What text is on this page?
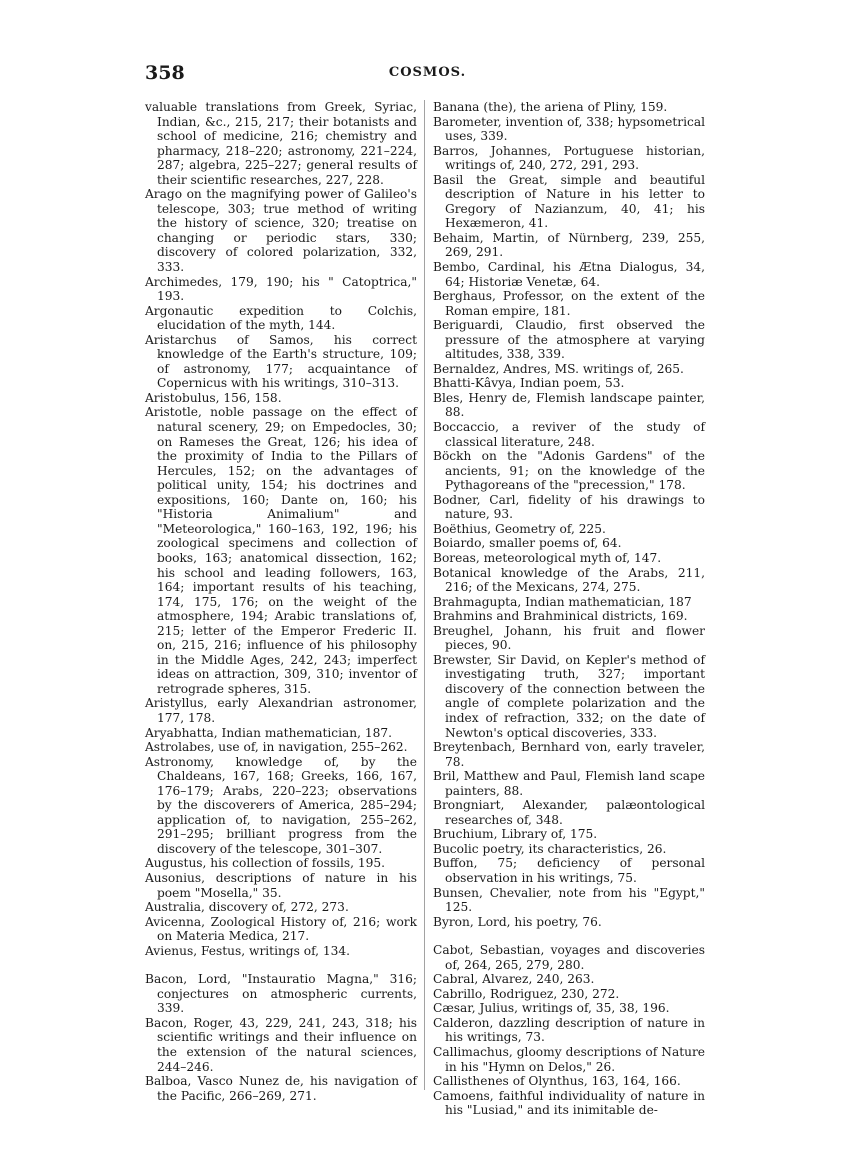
358	COSMOS.

valuable translations from Greek, Syriac, Indian, &c., 215, 217; their botanists and school of medicine, 216; chemistry and pharmacy, 218–220; astronomy, 221–224, 287; algebra, 225–227; general results of their scientific researches, 227, 228.

Arago on the magnifying power of Galileo's telescope, 303; true method of writing the history of science, 320; treatise on changing or periodic stars, 330; discovery of colored polarization, 332, 333.

Archimedes, 179, 190; his " Catoptrica," 193.

Argonautic expedition to Colchis, elucidation of the myth, 144.

Aristarchus of Samos, his correct knowledge of the Earth's structure, 109; of astronomy, 177; acquaintance of Copernicus with his writings, 310–313.

Aristobulus, 156, 158.

Aristotle, noble passage on the effect of natural scenery, 29; on Empedocles, 30; on Rameses the Great, 126; his idea of the proximity of India to the Pillars of Hercules, 152; on the advantages of political unity, 154; his doctrines and expositions, 160; Dante on, 160; his "Historia Animalium" and "Meteorologica," 160–163, 192, 196; his zoological specimens and collection of books, 163; anatomical dissection, 162; his school and leading followers, 163, 164; important results of his teaching, 174, 175, 176; on the weight of the atmosphere, 194; Arabic translations of, 215; letter of the Emperor Frederic II. on, 215, 216; influence of his philosophy in the Middle Ages, 242, 243; imperfect ideas on attraction, 309, 310; inventor of retrograde spheres, 315.

Aristyllus, early Alexandrian astronomer, 177, 178.

Aryabhatta, Indian mathematician, 187.

Astrolabes, use of, in navigation, 255–262.

Astronomy, knowledge of, by the Chaldeans, 167, 168; Greeks, 166, 167, 176–179; Arabs, 220–223; observations by the discoverers of America, 285–294; application of, to navigation, 255–262, 291–295; brilliant progress from the discovery of the telescope, 301–307.

Augustus, his collection of fossils, 195.

Ausonius, descriptions of nature in his poem "Mosella," 35.

Australia, discovery of, 272, 273.

Avicenna, Zoological History of, 216; work on Materia Medica, 217.

Avienus, Festus, writings of, 134.

Bacon, Lord, "Instauratio Magna," 316; conjectures on atmospheric currents, 339.

Bacon, Roger, 43, 229, 241, 243, 318; his scientific writings and their influence on the extension of the natural sciences, 244–246.

Balboa, Vasco Nunez de, his navigation of the Pacific, 266–269, 271.

Banana (the), the ariena of Pliny, 159.

Barometer, invention of, 338; hypsometrical uses, 339.

Barros, Johannes, Portuguese historian, writings of, 240, 272, 291, 293.

Basil the Great, simple and beautiful description of Nature in his letter to Gregory of Nazianzum, 40, 41; his Hexæmeron, 41.

Behaim, Martin, of Nürnberg, 239, 255, 269, 291.

Bembo, Cardinal, his Ætna Dialogus, 34, 64; Historiæ Venetæ, 64.

Berghaus, Professor, on the extent of the Roman empire, 181.

Beriguardi, Claudio, first observed the pressure of the atmosphere at varying altitudes, 338, 339.

Bernaldez, Andres, MS. writings of, 265.

Bhatti-Kâvya, Indian poem, 53.

Bles, Henry de, Flemish landscape painter, 88.

Boccaccio, a reviver of the study of classical literature, 248.

Böckh on the "Adonis Gardens" of the ancients, 91; on the knowledge of the Pythagoreans of the "precession," 178.

Bodner, Carl, fidelity of his drawings to nature, 93.

Boëthius, Geometry of, 225.

Boiardo, smaller poems of, 64.

Boreas, meteorological myth of, 147.

Botanical knowledge of the Arabs, 211, 216; of the Mexicans, 274, 275.

Brahmagupta, Indian mathematician, 187

Brahmins and Brahminical districts, 169.

Breughel, Johann, his fruit and flower pieces, 90.

Brewster, Sir David, on Kepler's method of investigating truth, 327; important discovery of the connection between the angle of complete polarization and the index of refraction, 332; on the date of Newton's optical discoveries, 333.

Breytenbach, Bernhard von, early traveler, 78.

Bril, Matthew and Paul, Flemish land scape painters, 88.

Brongniart, Alexander, palæontological researches of, 348.

Bruchium, Library of, 175.

Bucolic poetry, its characteristics, 26.

Buffon, 75; deficiency of personal observation in his writings, 75.

Bunsen, Chevalier, note from his "Egypt," 125.

Byron, Lord, his poetry, 76.

Cabot, Sebastian, voyages and discoveries of, 264, 265, 279, 280.

Cabral, Alvarez, 240, 263.

Cabrillo, Rodriguez, 230, 272.

Cæsar, Julius, writings of, 35, 38, 196.

Calderon, dazzling description of nature in his writings, 73.

Callimachus, gloomy descriptions of Nature in his "Hymn on Delos," 26.

Callisthenes of Olynthus, 163, 164, 166.

Camoens, faithful individuality of nature in his "Lusiad," and its inimitable de-
